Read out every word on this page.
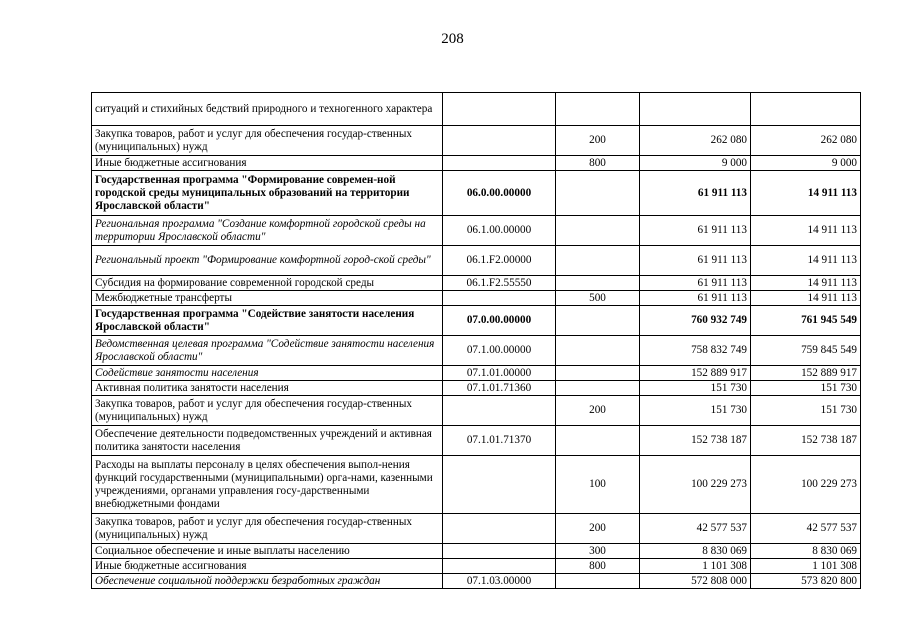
208
ситуаций и стихийных бедствий природного и техногенного характера				
Закупка товаров, работ и услуг для обеспечения государ-ственных (муниципальных) нужд		200	262 080	262 080
Иные бюджетные ассигнования		800	9 000	9 000
Государственная программа "Формирование современ-ной городской среды муниципальных образований на территории Ярославской области"	06.0.00.00000		61 911 113	14 911 113
Региональная программа "Создание комфортной городской среды на территории Ярославской области"	06.1.00.00000		61 911 113	14 911 113
Региональный проект "Формирование комфортной город-ской среды"	06.1.F2.00000		61 911 113	14 911 113
Субсидия на формирование современной городской среды	06.1.F2.55550		61 911 113	14 911 113
Межбюджетные трансферты		500	61 911 113	14 911 113
Государственная программа "Содействие занятости населения Ярославской области"	07.0.00.00000		760 932 749	761 945 549
Ведомственная целевая программа "Содействие занятости населения Ярославской области"	07.1.00.00000		758 832 749	759 845 549
Содействие занятости населения	07.1.01.00000		152 889 917	152 889 917
Активная политика занятости населения	07.1.01.71360		151 730	151 730
Закупка товаров, работ и услуг для обеспечения государ-ственных (муниципальных) нужд		200	151 730	151 730
Обеспечение деятельности подведомственных учреждений и активная политика занятости населения	07.1.01.71370		152 738 187	152 738 187
Расходы на выплаты персоналу в целях обеспечения выпол-нения функций государственными (муниципальными) орга-нами, казенными учреждениями, органами управления госу-дарственными внебюджетными фондами		100	100 229 273	100 229 273
Закупка товаров, работ и услуг для обеспечения государ-ственных (муниципальных) нужд		200	42 577 537	42 577 537
Социальное обеспечение и иные выплаты населению		300	8 830 069	8 830 069
Иные бюджетные ассигнования		800	1 101 308	1 101 308
Обеспечение социальной поддержки безработных граждан	07.1.03.00000		572 808 000	573 820 800
